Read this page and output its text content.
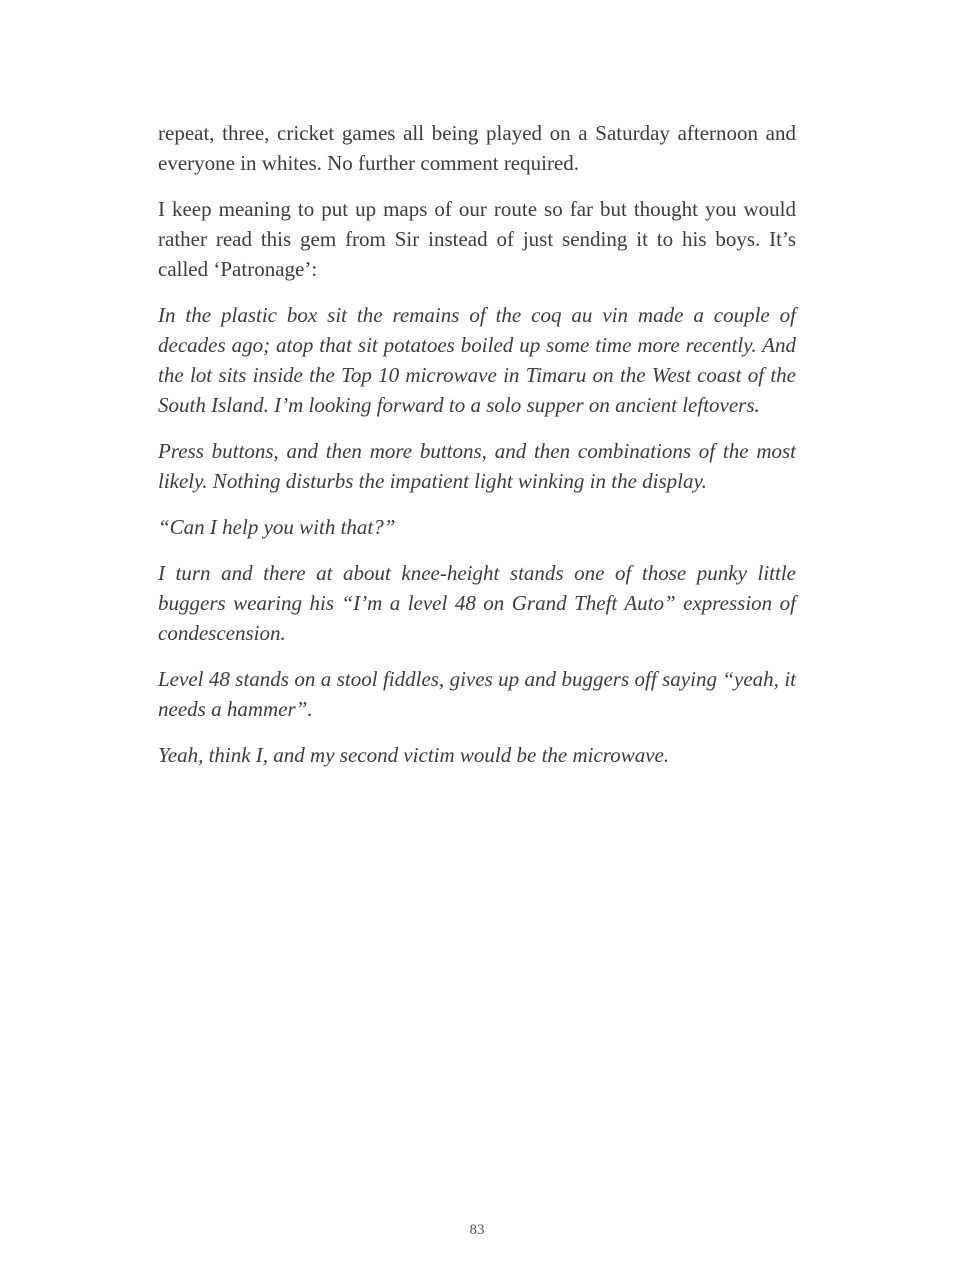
repeat, three, cricket games all being played on a Saturday afternoon and everyone in whites. No further comment required.

I keep meaning to put up maps of our route so far but thought you would rather read this gem from Sir instead of just sending it to his boys. It’s called ‘Patronage’:

In the plastic box sit the remains of the coq au vin made a couple of decades ago; atop that sit potatoes boiled up some time more recently. And the lot sits inside the Top 10 microwave in Timaru on the West coast of the South Island. I’m looking forward to a solo supper on ancient leftovers.

Press buttons, and then more buttons, and then combinations of the most likely. Nothing disturbs the impatient light winking in the display.

“Can I help you with that?”

I turn and there at about knee-height stands one of those punky little buggers wearing his “I’m a level 48 on Grand Theft Auto” expression of condescension.

Level 48 stands on a stool fiddles, gives up and buggers off saying “yeah, it needs a hammer”.

Yeah, think I, and my second victim would be the microwave.

83
